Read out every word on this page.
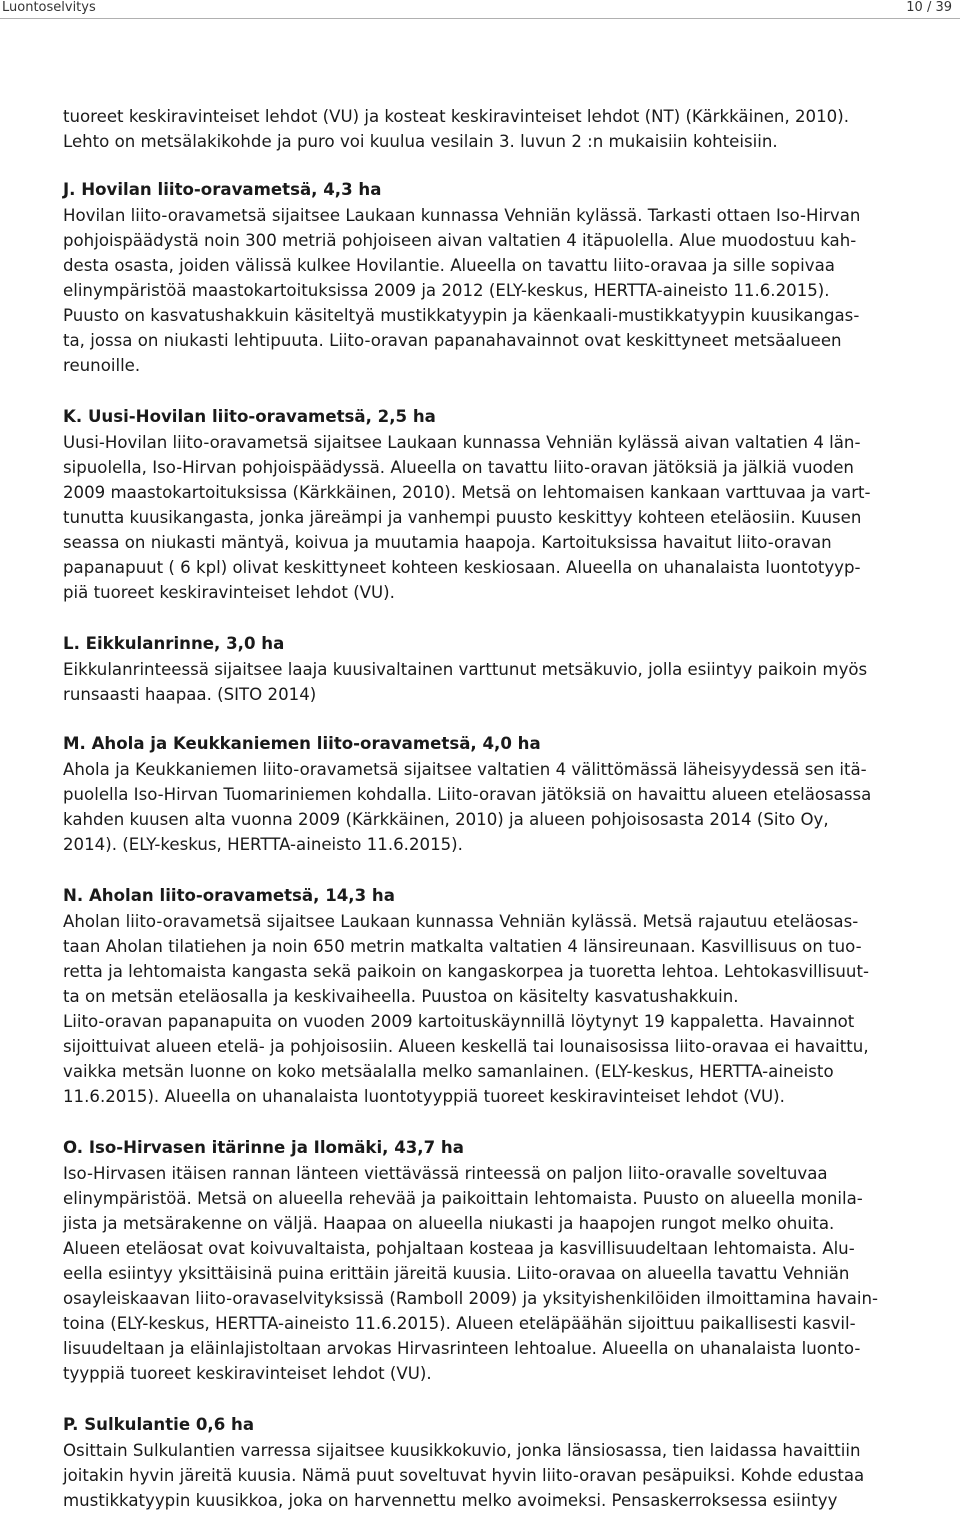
Luontoselvitys	10 / 39
tuoreet keskiravinteiset lehdot (VU) ja kosteat keskiravinteiset lehdot (NT) (Kärkkäinen, 2010).
Lehto on metsälakikohde ja puro voi kuulua vesilain 3. luvun 2 :n mukaisiin kohteisiin.
J. Hovilan liito-oravametsä, 4,3 ha
Hovilan liito-oravametsä sijaitsee Laukaan kunnassa Vehniän kylässä. Tarkasti ottaen Iso-Hirvan
pohjoispäädystä noin 300 metriä pohjoiseen aivan valtatien 4 itäpuolella. Alue muodostuu kah-
desta osasta, joiden välissä kulkee Hovilantie. Alueella on tavattu liito-oravaa ja sille sopivaa
elinympäristöä maastokartoituksissa 2009 ja 2012 (ELY-keskus, HERTTA-aineisto 11.6.2015).
Puusto on kasvatushakkuin käsiteltyä mustikkatyypin ja käenkaali-mustikkatyypin kuusikangas-
ta, jossa on niukasti lehtipuuta. Liito-oravan papanahavainnot ovat keskittyneet metsäalueen
reunoille.
K. Uusi-Hovilan liito-oravametsä, 2,5 ha
Uusi-Hovilan liito-oravametsä sijaitsee Laukaan kunnassa Vehniän kylässä aivan valtatien 4 län-
sipuolella, Iso-Hirvan pohjoispäädyssä. Alueella on tavattu liito-oravan jätöksiä ja jälkiä vuoden
2009 maastokartoituksissa (Kärkkäinen, 2010). Metsä on lehtomaisen kankaan varttuvaa ja vart-
tunutta kuusikangasta, jonka järeämpi ja vanhempi puusto keskittyy kohteen eteläosiin. Kuusen
seassa on niukasti mäntyä, koivua ja muutamia haapoja. Kartoituksissa havaitut liito-oravan
papanapuut ( 6 kpl) olivat keskittyneet kohteen keskiosaan. Alueella on uhanalaista luontotyyp-
piä tuoreet keskiravinteiset lehdot (VU).
L. Eikkulanrinne, 3,0 ha
Eikkulanrinteessä sijaitsee laaja kuusivaltainen varttunut metsäkuvio, jolla esiintyy paikoin myös
runsaasti haapaa. (SITO 2014)
M. Ahola ja Keukkaniemen liito-oravametsä, 4,0 ha
Ahola ja Keukkaniemen liito-oravametsä sijaitsee valtatien 4 välittömässä läheisyydessä sen itä-
puolella Iso-Hirvan Tuomariniemen kohdalla. Liito-oravan jätöksiä on havaittu alueen eteläosassa
kahden kuusen alta vuonna 2009 (Kärkkäinen, 2010) ja alueen pohjoisosasta 2014 (Sito Oy,
2014). (ELY-keskus, HERTTA-aineisto 11.6.2015).
N. Aholan liito-oravametsä, 14,3 ha
Aholan liito-oravametsä sijaitsee Laukaan kunnassa Vehniän kylässä. Metsä rajautuu eteläosas-
taan Aholan tilatiehen ja noin 650 metrin matkalta valtatien 4 länsireunaan. Kasvillisuus on tuo-
retta ja lehtomaista kangasta sekä paikoin on kangaskorpea ja tuoretta lehtoa. Lehtokasvillisuut-
ta on metsän eteläosalla ja keskivaiheella. Puustoa on käsitelty kasvatushakkuin.
Liito-oravan papanapuita on vuoden 2009 kartoituskäynnillä löytynyt 19 kappaletta. Havainnot
sijoittuivat alueen etelä- ja pohjoisosiin. Alueen keskellä tai lounaisosissa liito-oravaa ei havaittu,
vaikka metsän luonne on koko metsäalalla melko samanlainen. (ELY-keskus, HERTTA-aineisto
11.6.2015). Alueella on uhanalaista luontotyyppiä tuoreet keskiravinteiset lehdot (VU).
O. Iso-Hirvasen itärinne ja Ilomäki, 43,7 ha
Iso-Hirvasen itäisen rannan länteen viettävässä rinteessä on paljon liito-oravalle soveltuvaa
elinympäristöä. Metsä on alueella rehevää ja paikoittain lehtomaista. Puusto on alueella monila-
jista ja metsärakenne on väljä. Haapaa on alueella niukasti ja haapojen rungot melko ohuita.
Alueen eteläosat ovat koivuvaltaista, pohjaltaan kosteaa ja kasvillisuudeltaan lehtomaista. Alu-
eella esiintyy yksittäisinä puina erittäin järeitä kuusia. Liito-oravaa on alueella tavattu Vehniän
osayleiskaavan liito-oravaselvityksissä (Ramboll 2009) ja yksityishenkilöiden ilmoittamina havain-
toina (ELY-keskus, HERTTA-aineisto 11.6.2015). Alueen eteläpäähän sijoittuu paikallisesti kasvil-
lisuudeltaan ja eläinlajistoltaan arvokas Hirvasrinteen lehtoalue. Alueella on uhanalaista luonto-
tyyppiä tuoreet keskiravinteiset lehdot (VU).
P. Sulkulantie 0,6 ha
Osittain Sulkulantien varressa sijaitsee kuusikkokuvio, jonka länsiosassa, tien laidassa havaittiin
joitakin hyvin järeitä kuusia. Nämä puut soveltuvat hyvin liito-oravan pesäpuiksi. Kohde edustaa
mustikkatyypin kuusikkoa, joka on harvennettu melko avoimeksi. Pensaskerroksessa esiintyy
